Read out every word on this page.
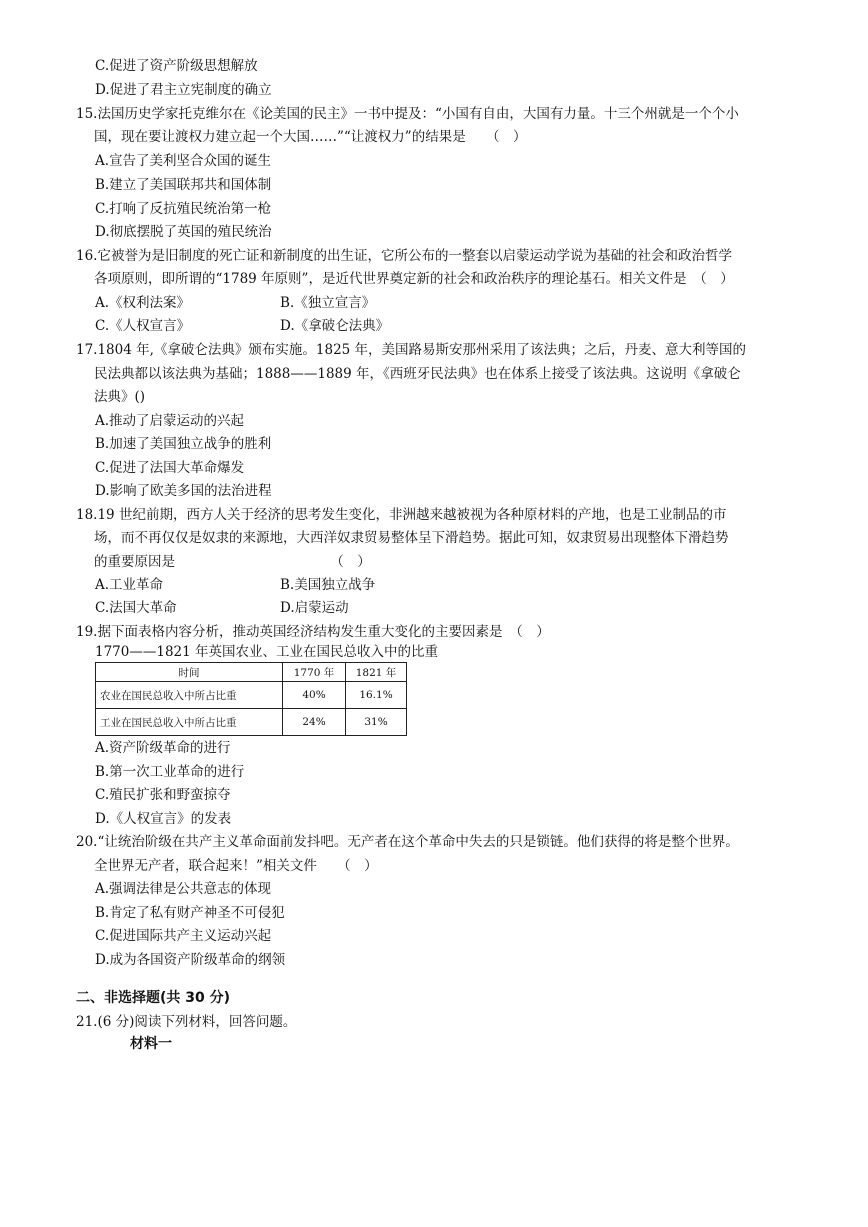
C.促进了资产阶级思想解放
D.促进了君主立宪制度的确立
15.法国历史学家托克维尔在《论美国的民主》一书中提及：“小国有自由，大国有力量。十三个州就是一个个小
国，现在要让渡权力建立起一个大国……”“让渡权力”的结果是　　（　）
A.宣告了美利坚合众国的诞生
B.建立了美国联邦共和国体制
C.打响了反抗殖民统治第一枪
D.彻底摆脱了英国的殖民统治
16.它被誉为是旧制度的死亡证和新制度的出生证，它所公布的一整套以启蒙运动学说为基础的社会和政治哲学
各项原则，即所谓的“1789 年原则”，是近代世界奠定新的社会和政治秩序的理论基石。相关文件是　（　）
A.《权利法案》	B.《独立宣言》
C.《人权宣言》	D.《拿破仑法典》
17.1804 年,《拿破仑法典》颁布实施。1825 年，美国路易斯安那州采用了该法典；之后，丹麦、意大利等国的
民法典都以该法典为基础；1888——1889 年，《西班牙民法典》也在体系上接受了该法典。这说明《拿破仑
法典》()
A.推动了启蒙运动的兴起
B.加速了美国独立战争的胜利
C.促进了法国大革命爆发
D.影响了欧美多国的法治进程
18.19 世纪前期，西方人关于经济的思考发生变化，非洲越来越被视为各种原材料的产地，也是工业制品的市
场，而不再仅仅是奴隶的来源地，大西洋奴隶贸易整体呈下滑趋势。据此可知，奴隶贸易出现整体下滑趋势
的重要原因是　　　　　　　　　　　　（　）
A.工业革命	B.美国独立战争
C.法国大革命	D.启蒙运动
19.据下面表格内容分析，推动英国经济结构发生重大变化的主要因素是　（　）
1770——1821 年英国农业、工业在国民总收入中的比重
时间	1770 年	1821 年
农业在国民总收入中所占比重	40%	16.1%
工业在国民总收入中所占比重	24%	31%
A.资产阶级革命的进行
B.第一次工业革命的进行
C.殖民扩张和野蛮掠夺
D.《人权宣言》的发表
20.“让统治阶级在共产主义革命面前发抖吧。无产者在这个革命中失去的只是锁链。他们获得的将是整个世界。
全世界无产者，联合起来！”相关文件　　（　）
A.强调法律是公共意志的体现
B.肯定了私有财产神圣不可侵犯
C.促进国际共产主义运动兴起
D.成为各国资产阶级革命的纲领
二、非选择题(共 30 分)
21.(6 分)阅读下列材料，回答问题。
材料一
